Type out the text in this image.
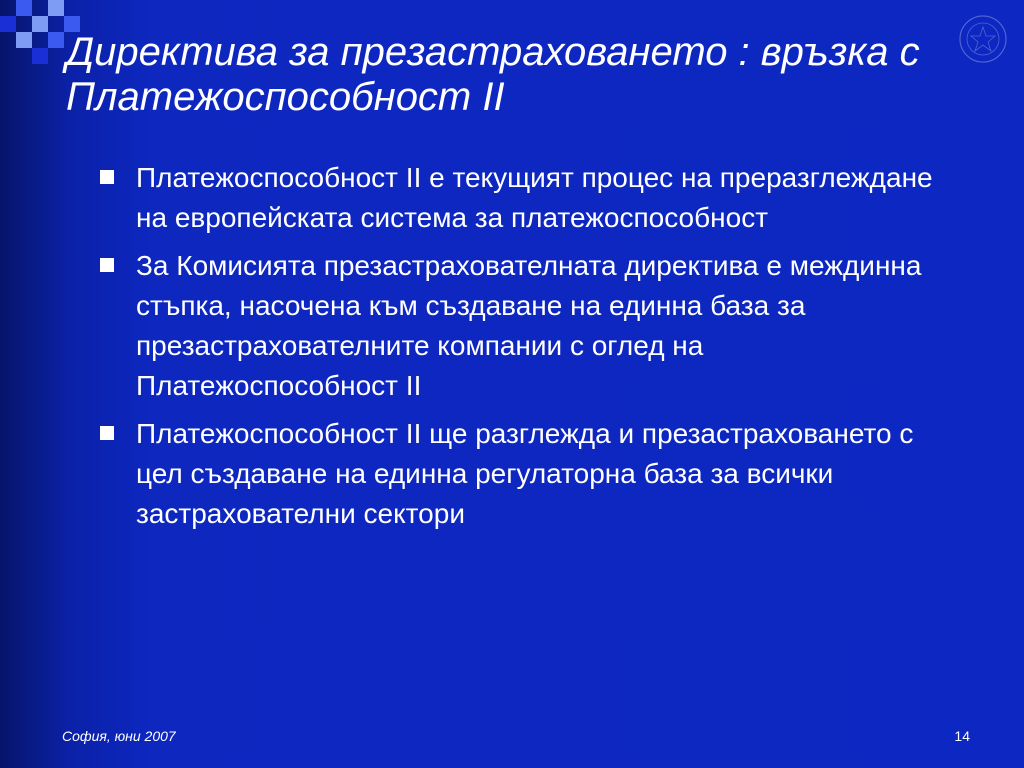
Директива за презастраховането : връзка с Платежоспособност II
Платежоспособност II е текущият процес на преразглеждане на европейската система за платежоспособност
За Комисията презастрахователната директива е междинна стъпка, насочена към създаване на единна база за презастрахователните компании с оглед на Платежоспособност II
Платежоспособност II ще разглежда и презастраховането с цел създаване на единна регулаторна база за всички застрахователни сектори
София, юни 2007	14
